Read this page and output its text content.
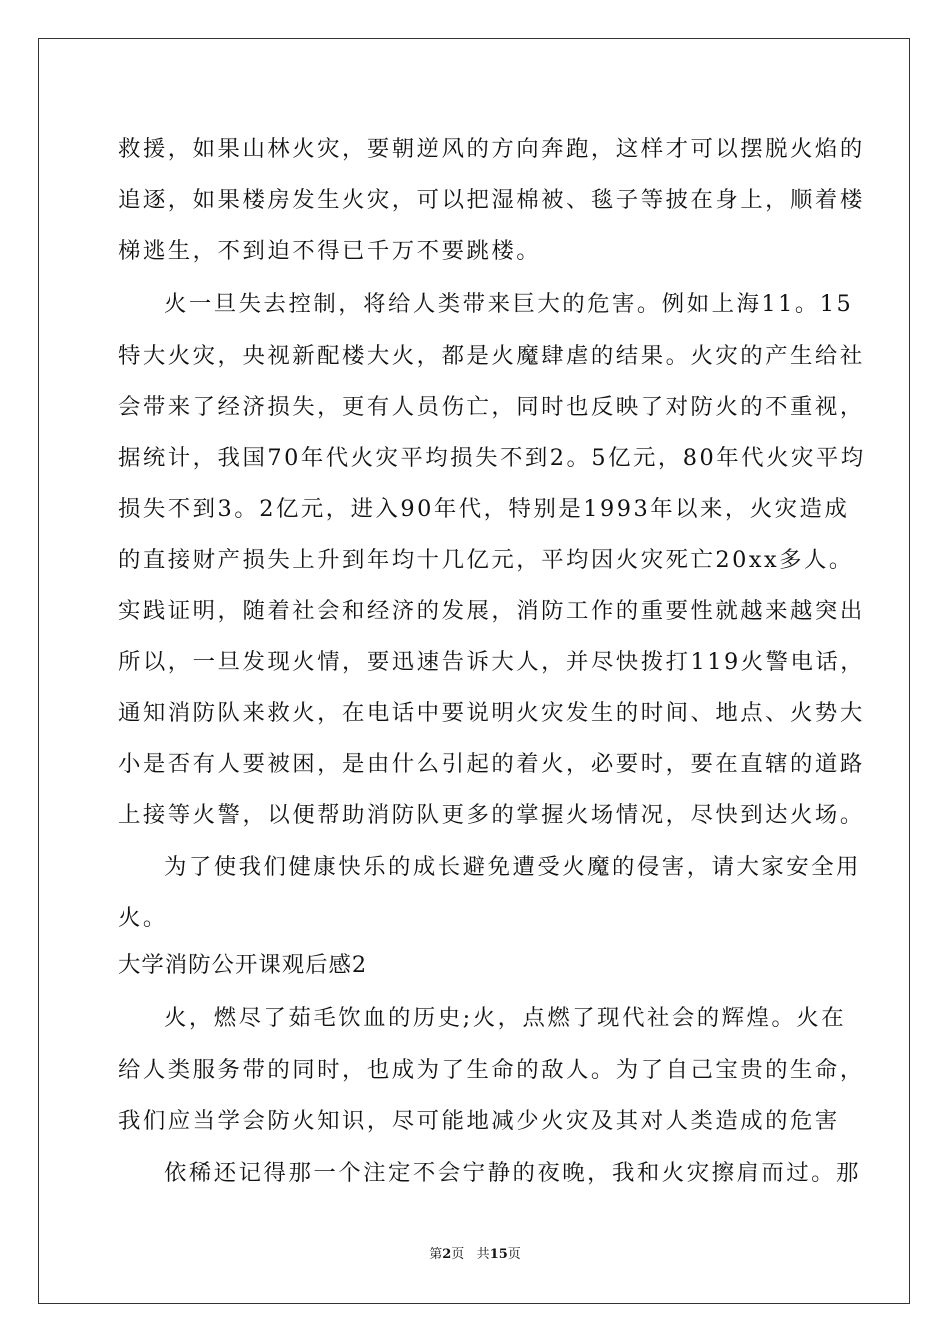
救援，如果山林火灾，要朝逆风的方向奔跑，这样才可以摆脱火焰的
追逐，如果楼房发生火灾，可以把湿棉被、毯子等披在身上，顺着楼
梯逃生，不到迫不得已千万不要跳楼。
火一旦失去控制，将给人类带来巨大的危害。例如上海11。15
特大火灾，央视新配楼大火，都是火魔肆虐的结果。火灾的产生给社
会带来了经济损失，更有人员伤亡，同时也反映了对防火的不重视，
据统计，我国70年代火灾平均损失不到2。5亿元，80年代火灾平均
损失不到3。2亿元，进入90年代，特别是1993年以来，火灾造成
的直接财产损失上升到年均十几亿元，平均因火灾死亡20xx多人。
实践证明，随着社会和经济的发展，消防工作的重要性就越来越突出
所以，一旦发现火情，要迅速告诉大人，并尽快拨打119火警电话，
通知消防队来救火，在电话中要说明火灾发生的时间、地点、火势大
小是否有人要被困，是由什么引起的着火，必要时，要在直辖的道路
上接等火警，以便帮助消防队更多的掌握火场情况，尽快到达火场。
为了使我们健康快乐的成长避免遭受火魔的侵害，请大家安全用
火。
大学消防公开课观后感2
火，燃尽了茹毛饮血的历史;火，点燃了现代社会的辉煌。火在
给人类服务带的同时，也成为了生命的敌人。为了自己宝贵的生命，
我们应当学会防火知识，尽可能地减少火灾及其对人类造成的危害
依稀还记得那一个注定不会宁静的夜晚，我和火灾擦肩而过。那
第2页 共15页
